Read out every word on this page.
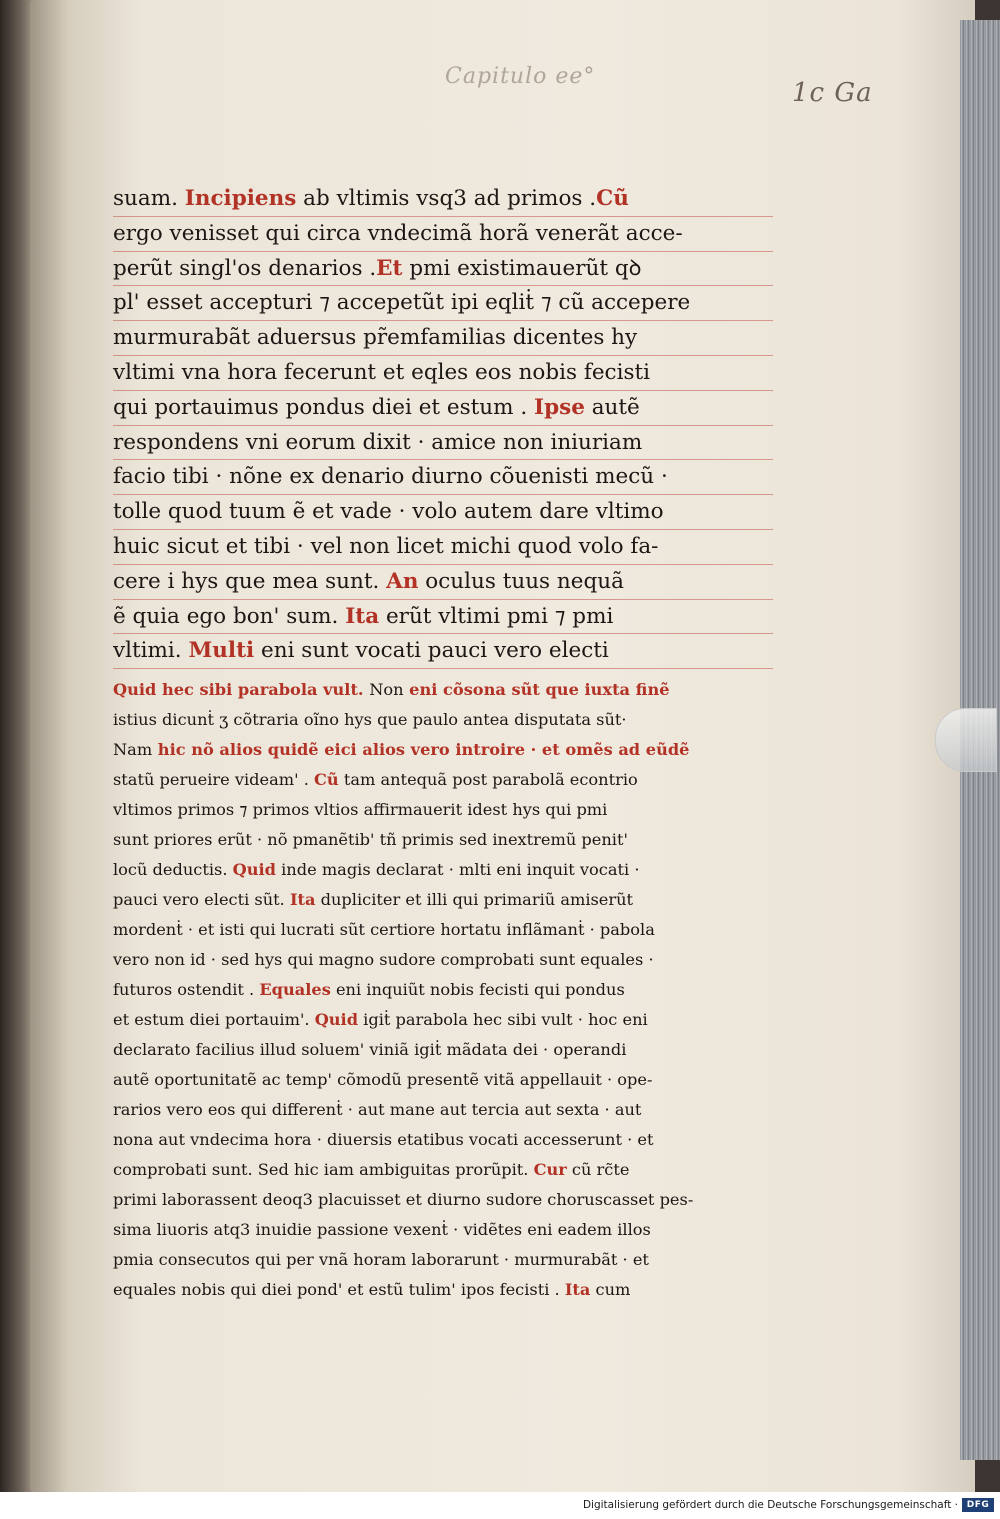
Capitulo ee°
1c Ga
suam. Incipiens ab vltimis vsq3 ad primos .Cũ
ergo venisset qui circa vndecimã horã venerãt acce-
perũt singl'os denarios .Et pmi existimauerũt qꝺ
pl' esset accepturi ⁊ accepetũt ipi eqliṫ ⁊ cũ accepere
murmurabãt aduersus pr̃emfamilias dicentes hy
vltimi vna hora fecerunt et eqles eos nobis fecisti
qui portauimus pondus diei et estum . Ipse autẽ
respondens vni eorum dixit · amice non iniuriam
facio tibi · nõne ex denario diurno cõuenisti mecũ ·
tolle quod tuum ẽ et vade · volo autem dare vltimo
huic sicut et tibi · vel non licet michi quod volo fa-
cere i hys que mea sunt. An oculus tuus nequã
ẽ quia ego bon' sum. Ita erũt vltimi pmi ⁊ pmi
vltimi. Multi eni sunt vocati pauci vero electi
Quid hec sibi parabola vult. Non eni cõsona sũt que iuxta finẽ
istius dicunṫ ʒ cõtraria oĩno hys que paulo antea disputata sũt·
Nam hic nõ alios quidẽ eici alios vero introire · et omẽs ad eũdẽ
statũ perueire videam' . Cũ tam antequã post parabolã econtrio
vltimos primos ⁊ primos vltios affirmauerit idest hys qui pmi
sunt priores erũt · nõ pmanẽtib' tñ primis sed inextremũ penit'
locũ deductis. Quid inde magis declarat · mlti eni inquit vocati ·
pauci vero electi sũt. Ita dupliciter et illi qui primariũ amiserũt
mordenṫ · et isti qui lucrati sũt certiore hortatu inflãmanṫ · pabola
vero non id · sed hys qui magno sudore comprobati sunt equales ·
futuros ostendit . Equales eni inquiũt nobis fecisti qui pondus
et estum diei portauim'. Quid igiṫ parabola hec sibi vult · hoc eni
declarato facilius illud soluem' viniã igiṫ mãdata dei · operandi
autẽ oportunitatẽ ac temp' cõmodũ presentẽ vitã appellauit · ope-
rarios vero eos qui differenṫ · aut mane aut tercia aut sexta · aut
nona aut vndecima hora · diuersis etatibus vocati accesserunt · et
comprobati sunt. Sed hic iam ambiguitas prorũpit. Cur cũ rc̃te
primi laborassent deoq3 placuisset et diurno sudore choruscasset pes-
sima liuoris atq3 inuidie passione vexenṫ · vidẽtes eni eadem illos
pmia consecutos qui per vnã horam laborarunt · murmurabãt · et
equales nobis qui diei pond' et estũ tulim' ipos fecisti . Ita cum
Digitalisierung gefördert durch die Deutsche Forschungsgemeinschaft · DFG
